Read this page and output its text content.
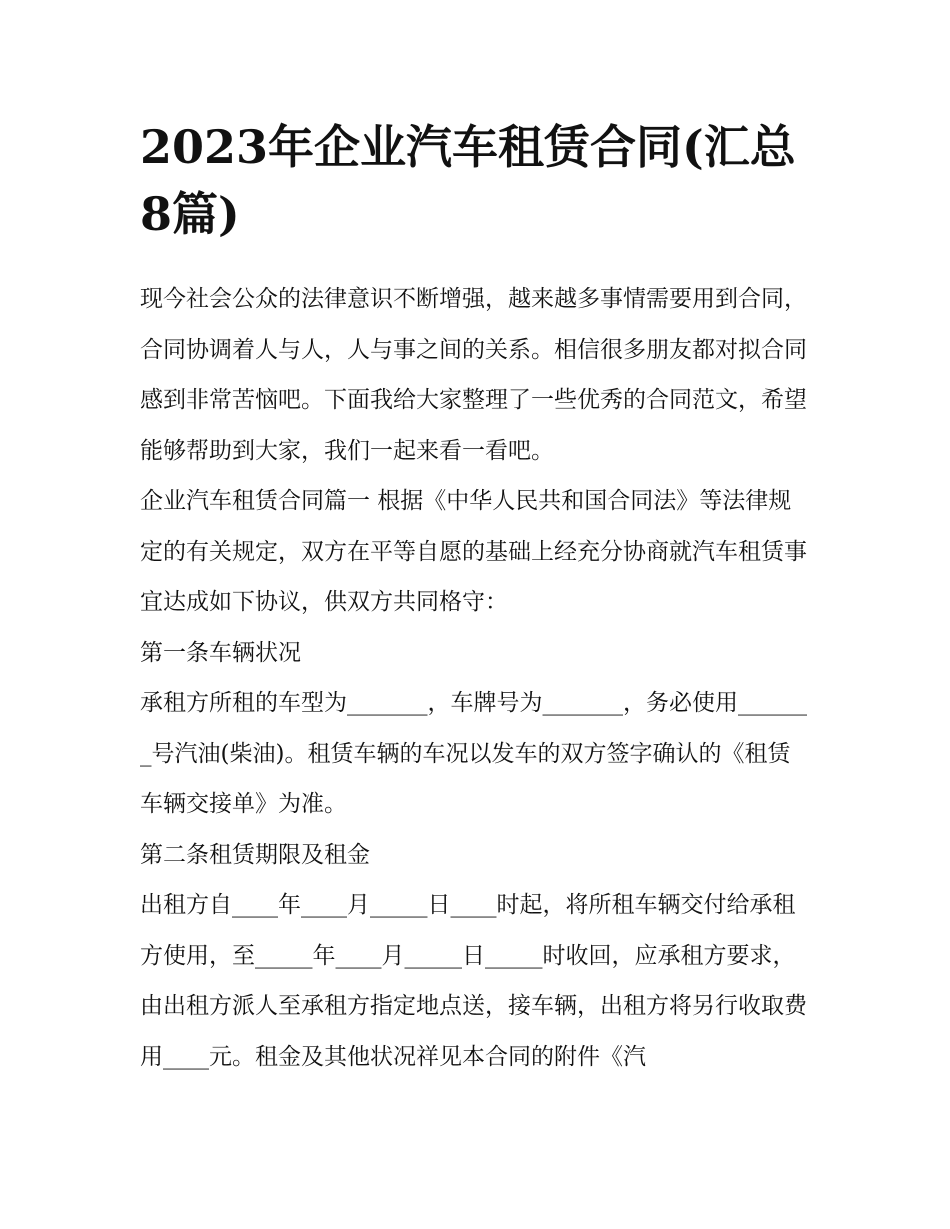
2023年企业汽车租赁合同(汇总8篇)

现今社会公众的法律意识不断增强，越来越多事情需要用到合同，合同协调着人与人，人与事之间的关系。相信很多朋友都对拟合同感到非常苦恼吧。下面我给大家整理了一些优秀的合同范文，希望能够帮助到大家，我们一起来看一看吧。

企业汽车租赁合同篇一 根据《中华人民共和国合同法》等法律规定的有关规定，双方在平等自愿的基础上经充分协商就汽车租赁事宜达成如下协议，供双方共同格守：

第一条车辆状况

承租方所租的车型为_______，车牌号为_______，务必使用_______号汽油(柴油)。租赁车辆的车况以发车的双方签字确认的《租赁车辆交接单》为准。

第二条租赁期限及租金

出租方自____年____月_____日____时起，将所租车辆交付给承租方使用，至_____年____月_____日_____时收回，应承租方要求，由出租方派人至承租方指定地点送，接车辆，出租方将另行收取费用____元。租金及其他状况祥见本合同的附件《汽
